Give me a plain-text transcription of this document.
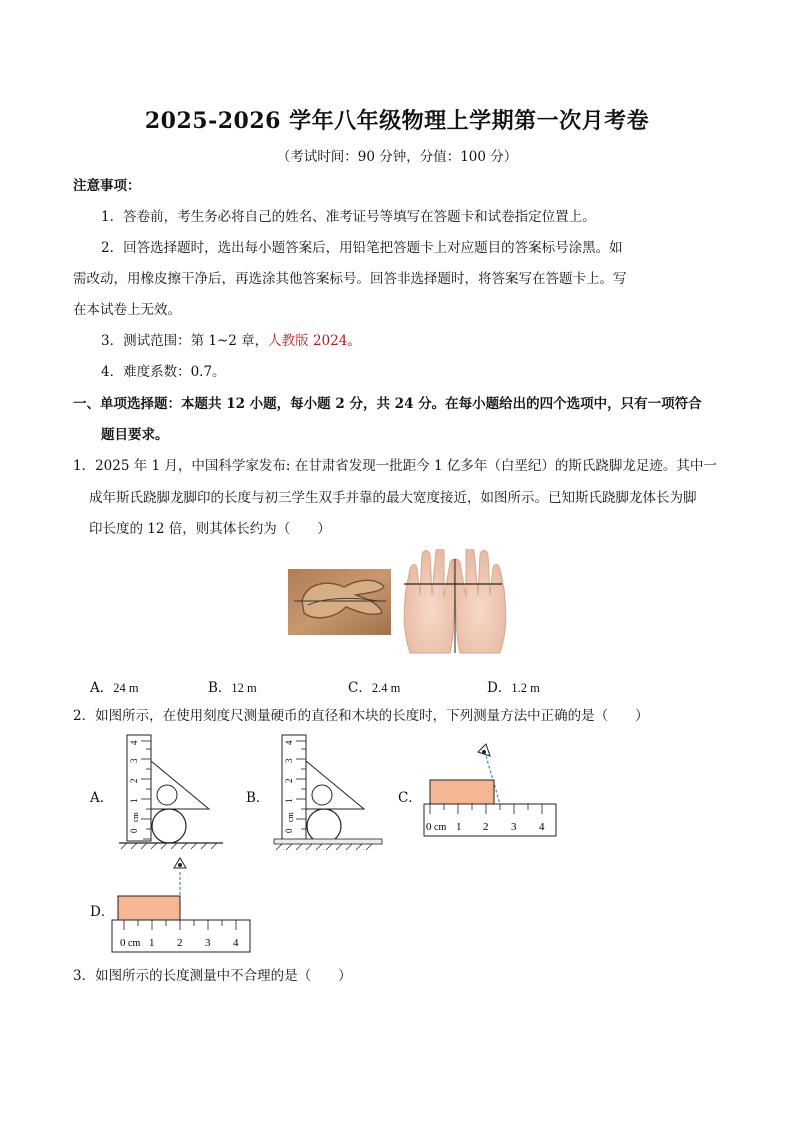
2025-2026 学年八年级物理上学期第一次月考卷
（考试时间：90 分钟，分值：100 分）
注意事项：
1．答卷前，考生务必将自己的姓名、准考证号等填写在答题卡和试卷指定位置上。
2．回答选择题时，选出每小题答案后，用铅笔把答题卡上对应题目的答案标号涂黑。如
需改动，用橡皮擦干净后，再选涂其他答案标号。回答非选择题时，将答案写在答题卡上。写
在本试卷上无效。
3．测试范围：第 1~2 章，人教版 2024。
4．难度系数：0.7。
一、单项选择题：本题共 12 小题，每小题 2 分，共 24 分。在每小题给出的四个选项中，只有一项符合
题目要求。
1．2025 年 1 月，中国科学家发布: 在甘肃省发现一批距今 1 亿多年（白垩纪）的斯氏跷脚龙足迹。其中一
成年斯氏跷脚龙脚印的长度与初三学生双手并靠的最大宽度接近，如图所示。已知斯氏跷脚龙体长为脚
印长度的 12 倍，则其体长约为（　　）
A．24 m	B．12 m	C．2.4 m	D．1.2 m
2．如图所示，在使用刻度尺测量硬币的直径和木块的长度时，下列测量方法中正确的是（　　）
A．
0
cm
1
2
3
4
B．
0
cm
1
2
3
4
C．
0 cm 1 2 3 4
D．
0 cm 1 2 3 4
3．如图所示的长度测量中不合理的是（　　）
